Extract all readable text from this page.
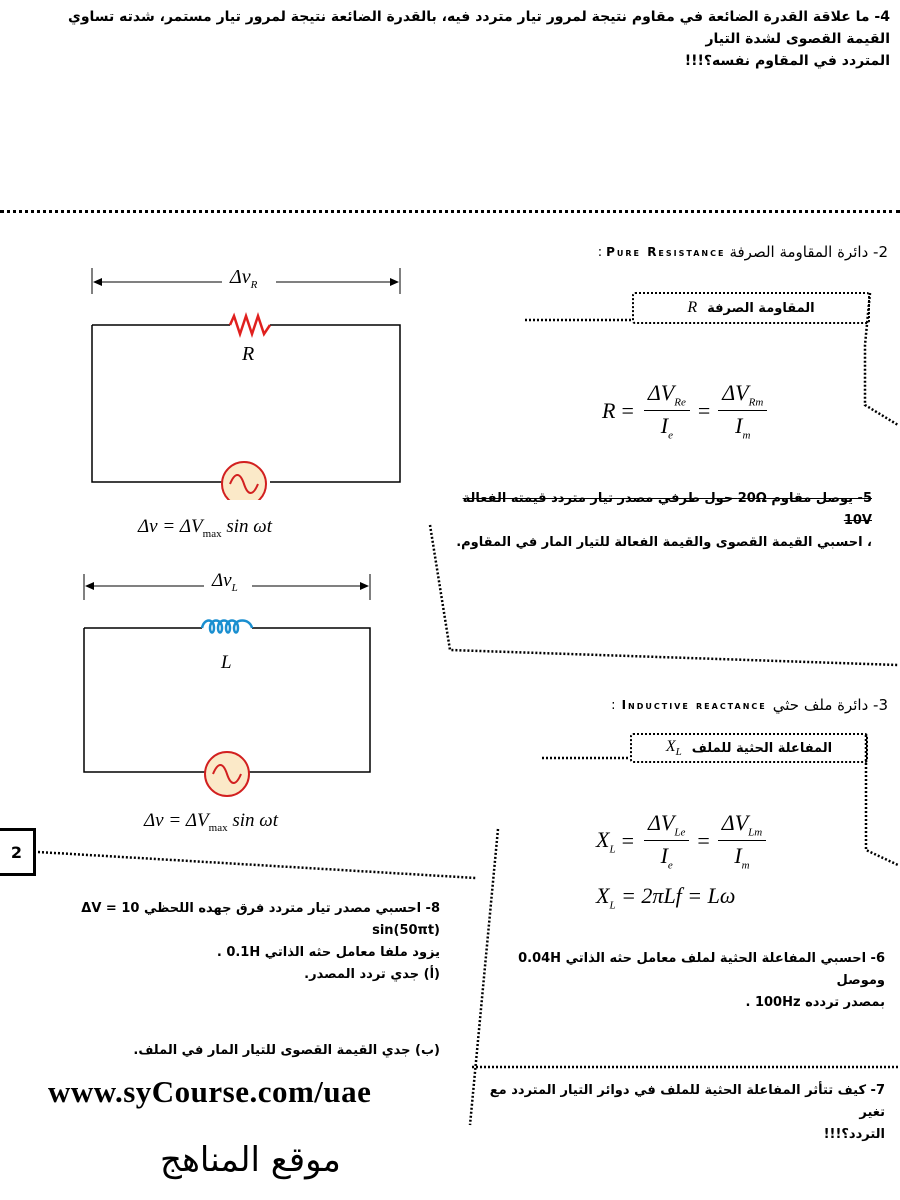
4- ما علاقة القدرة الضائعة في مقاوم نتيجة لمرور تيار متردد فيه، بالقدرة الضائعة نتيجة لمرور تيار مستمر، شدته تساوي القيمة القصوى لشدة التيار
المتردد في المقاوم نفسه؟!!!
: Pure Resistance 2- دائرة المقاومة الصرفة
المقاومة الصرفة
R
$R = \frac{\Delta V_{Re}}{I_e} = \frac{\Delta V_{Rm}}{I_m}$
5- يوصل مقاوم 20Ω حول طرفي مصدر تيار متردد قيمته الفعالة 10V
، احسبي القيمة القصوى والقيمة الفعالة للتيار المار في المقاوم.
$\Delta v_R$
R
$\Delta v = \Delta V_{max}$ sin ωt
$\Delta v_L$
L
$\Delta v = \Delta V_{max}$ sin ωt
: Inductive reactance 3- دائرة ملف حثي
المفاعلة الحثية للملف
$X_L$
$X_L = \frac{\Delta V_{Le}}{I_e} = \frac{\Delta V_{Lm}}{I_m}$
$X_L = 2\pi Lf = L\omega$
6- احسبي المفاعلة الحثية لملف معامل حثه الذاتي 0.04H وموصل
بمصدر تردده 100Hz .
2
8- احسبي مصدر تيار متردد فرق جهده اللحظي ΔV = 10 sin(50πt)
يزود ملفا معامل حثه الذاتي 0.1H .
(أ) جدي تردد المصدر.
(ب) جدي القيمة القصوى للتيار المار في الملف.
7- كيف تتأثر المفاعلة الحثية للملف في دوائر التيار المتردد مع تغير
التردد؟!!!
www.syCourse.com/uae
موقع المناهج
